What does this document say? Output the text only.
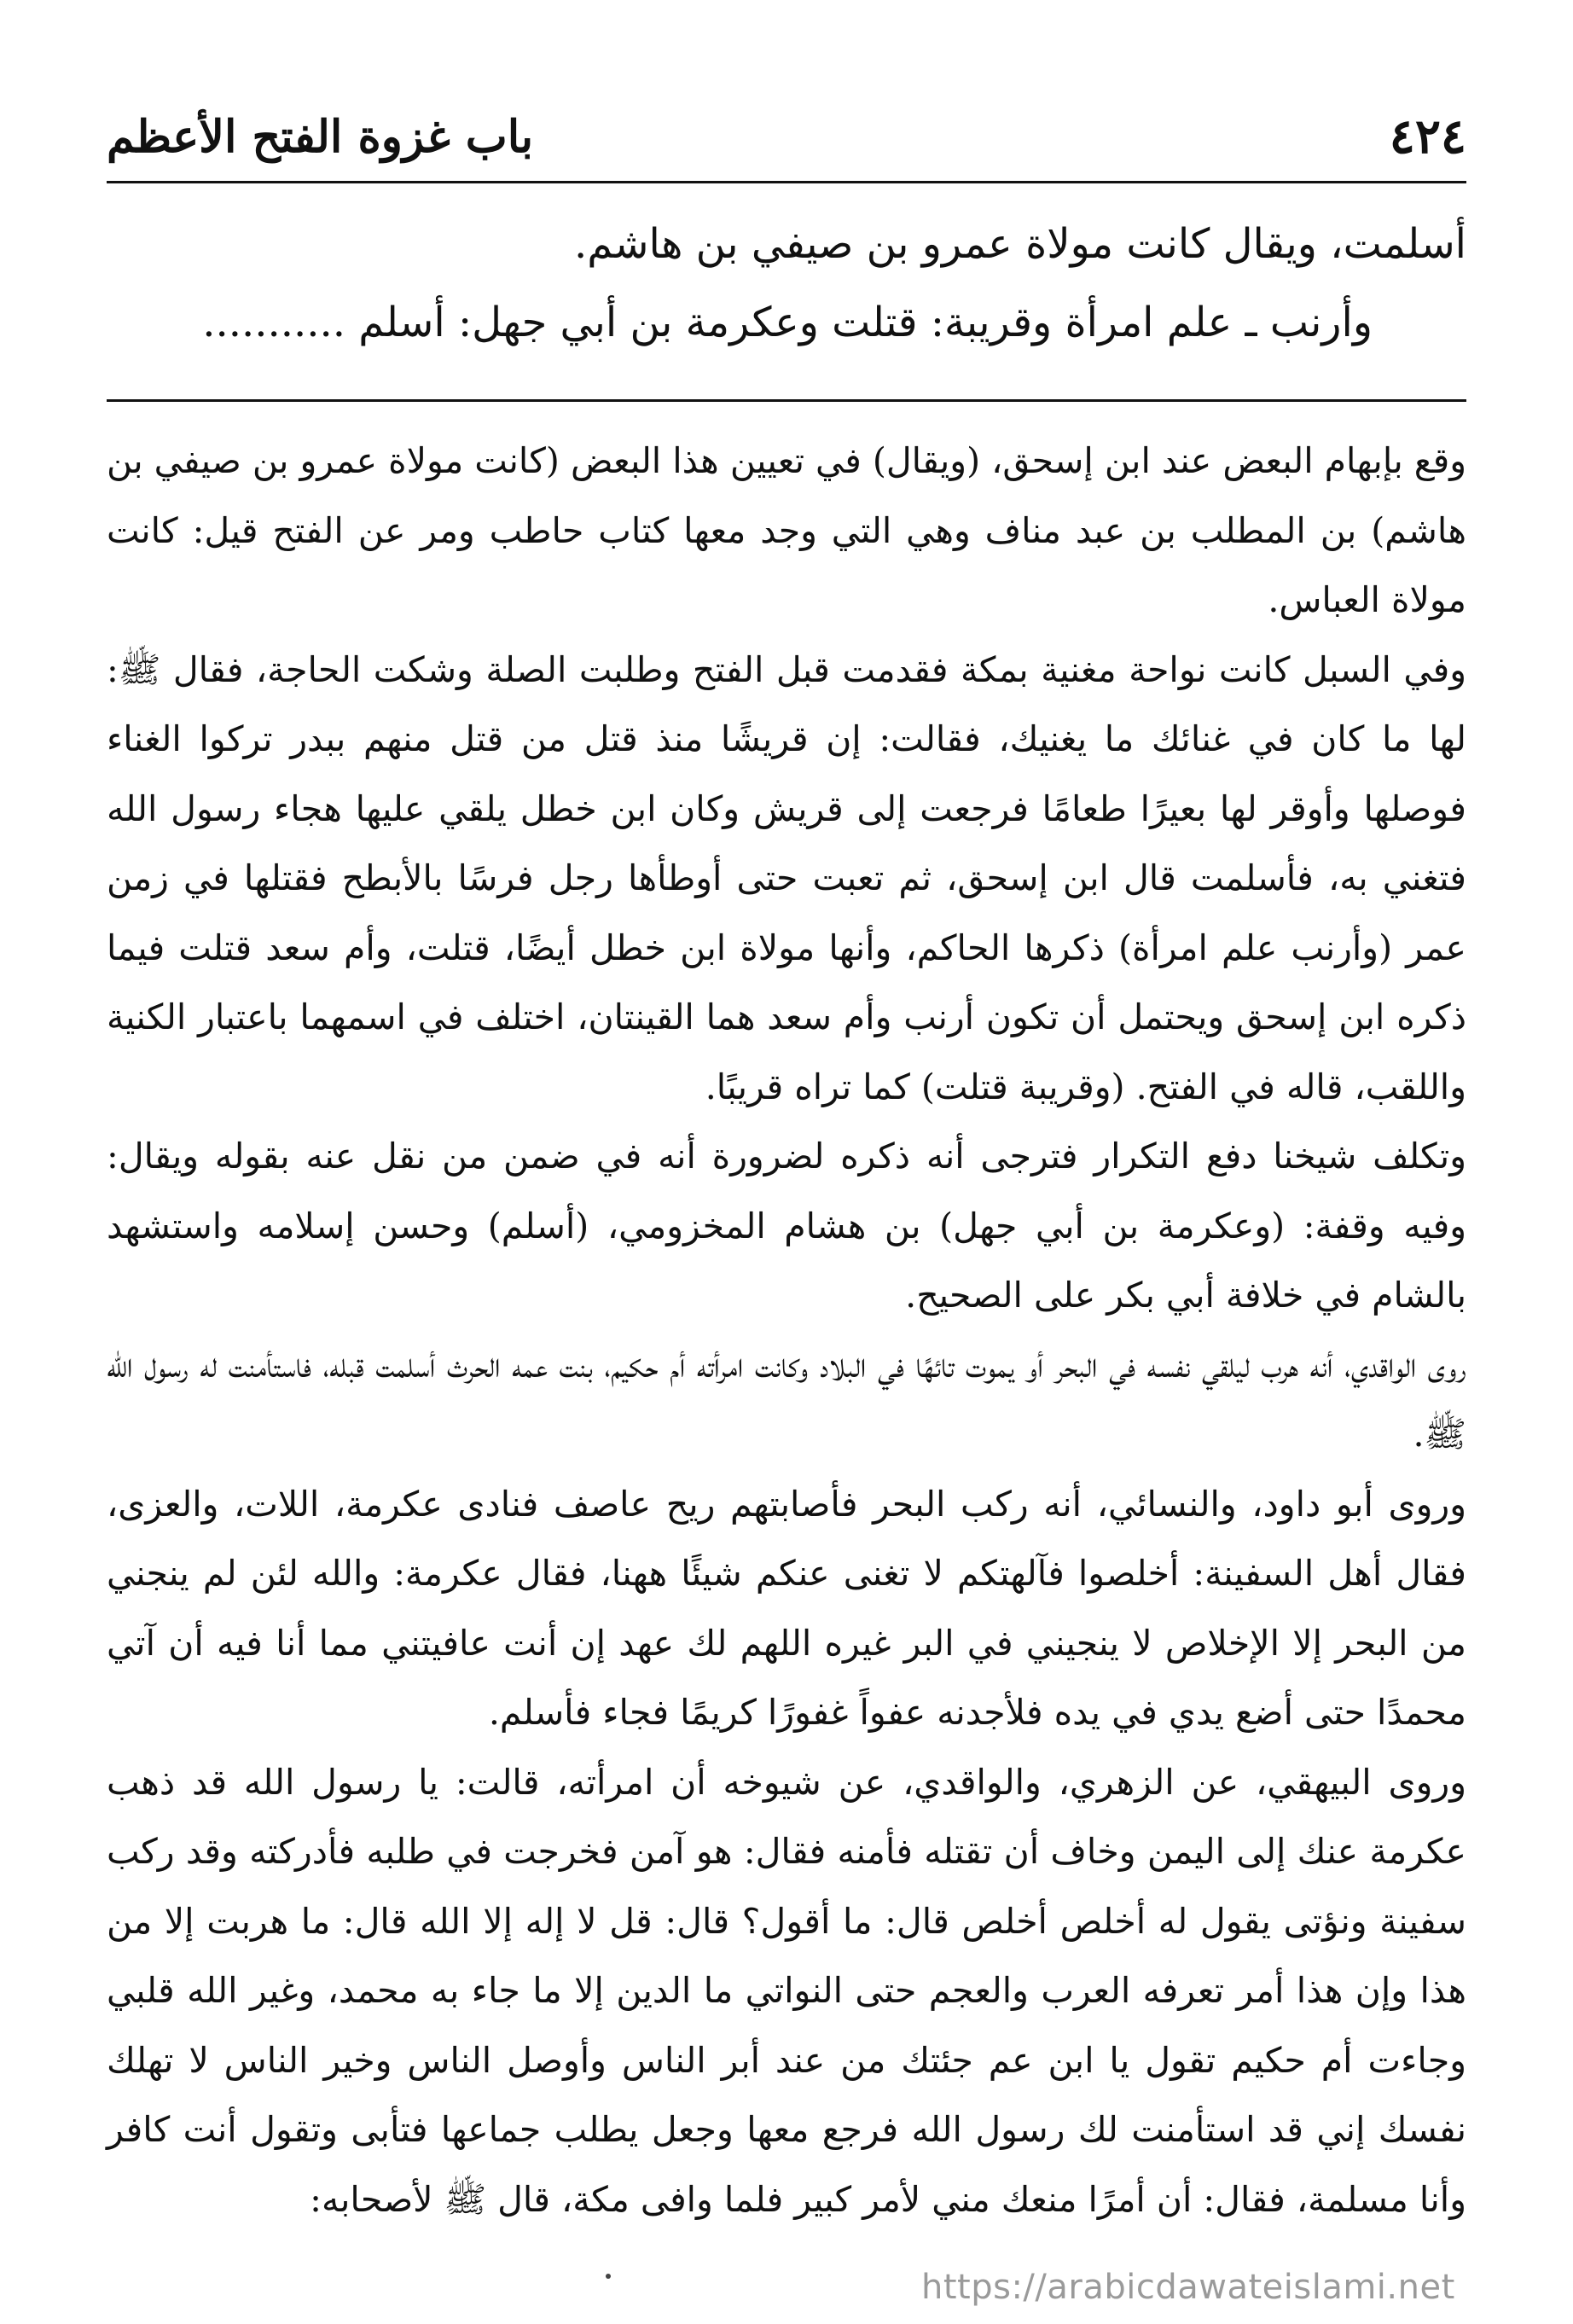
٤٢٤
باب غزوة الفتح الأعظم

أسلمت، ويقال كانت مولاة عمرو بن صيفي بن هاشم.

وأرنب ـ علم امرأة وقريبة: قتلت وعكرمة بن أبي جهل: أسلم ...........

وقع بإبهام البعض عند ابن إسحق، (ويقال) في تعيين هذا البعض (كانت مولاة عمرو بن صيفي بن هاشم) بن المطلب بن عبد مناف وهي التي وجد معها كتاب حاطب ومر عن الفتح قيل: كانت مولاة العباس.

وفي السبل كانت نواحة مغنية بمكة فقدمت قبل الفتح وطلبت الصلة وشكت الحاجة، فقال ﷺ: لها ما كان في غنائك ما يغنيك، فقالت: إن قريشًا منذ قتل من قتل منهم ببدر تركوا الغناء فوصلها وأوقر لها بعيرًا طعامًا فرجعت إلى قريش وكان ابن خطل يلقي عليها هجاء رسول الله فتغني به، فأسلمت قال ابن إسحق، ثم تعبت حتى أوطأها رجل فرسًا بالأبطح فقتلها في زمن عمر (وأرنب علم امرأة) ذكرها الحاكم، وأنها مولاة ابن خطل أيضًا، قتلت، وأم سعد قتلت فيما ذكره ابن إسحق ويحتمل أن تكون أرنب وأم سعد هما القينتان، اختلف في اسمهما باعتبار الكنية واللقب، قاله في الفتح. (وقريبة قتلت) كما تراه قريبًا.

وتكلف شيخنا دفع التكرار فترجى أنه ذكره لضرورة أنه في ضمن من نقل عنه بقوله ويقال: وفيه وقفة: (وعكرمة بن أبي جهل) بن هشام المخزومي، (أسلم) وحسن إسلامه واستشهد بالشام في خلافة أبي بكر على الصحيح.

روى الواقدي، أنه هرب ليلقي نفسه في البحر أو يموت تائهًا في البلاد وكانت امرأته أم حكيم، بنت عمه الحرث أسلمت قبله، فاستأمنت له رسول الله ﷺ.

وروى أبو داود، والنسائي، أنه ركب البحر فأصابتهم ريح عاصف فنادى عكرمة، اللات، والعزى، فقال أهل السفينة: أخلصوا فآلهتكم لا تغنى عنكم شيئًا ههنا، فقال عكرمة: والله لئن لم ينجني من البحر إلا الإخلاص لا ينجيني في البر غيره اللهم لك عهد إن أنت عافيتني مما أنا فيه أن آتي محمدًا حتى أضع يدي في يده فلأجدنه عفواً غفورًا كريمًا فجاء فأسلم.

وروى البيهقي، عن الزهري، والواقدي، عن شيوخه أن امرأته، قالت: يا رسول الله قد ذهب عكرمة عنك إلى اليمن وخاف أن تقتله فأمنه فقال: هو آمن فخرجت في طلبه فأدركته وقد ركب سفينة ونؤتى يقول له أخلص أخلص قال: ما أقول؟ قال: قل لا إله إلا الله قال: ما هربت إلا من هذا وإن هذا أمر تعرفه العرب والعجم حتى النواتي ما الدين إلا ما جاء به محمد، وغير الله قلبي وجاءت أم حكيم تقول يا ابن عم جئتك من عند أبر الناس وأوصل الناس وخير الناس لا تهلك نفسك إني قد استأمنت لك رسول الله فرجع معها وجعل يطلب جماعها فتأبى وتقول أنت كافر وأنا مسلمة، فقال: أن أمرًا منعك مني لأمر كبير فلما وافى مكة، قال ﷺ لأصحابه:

https://arabicdawateislami.net
